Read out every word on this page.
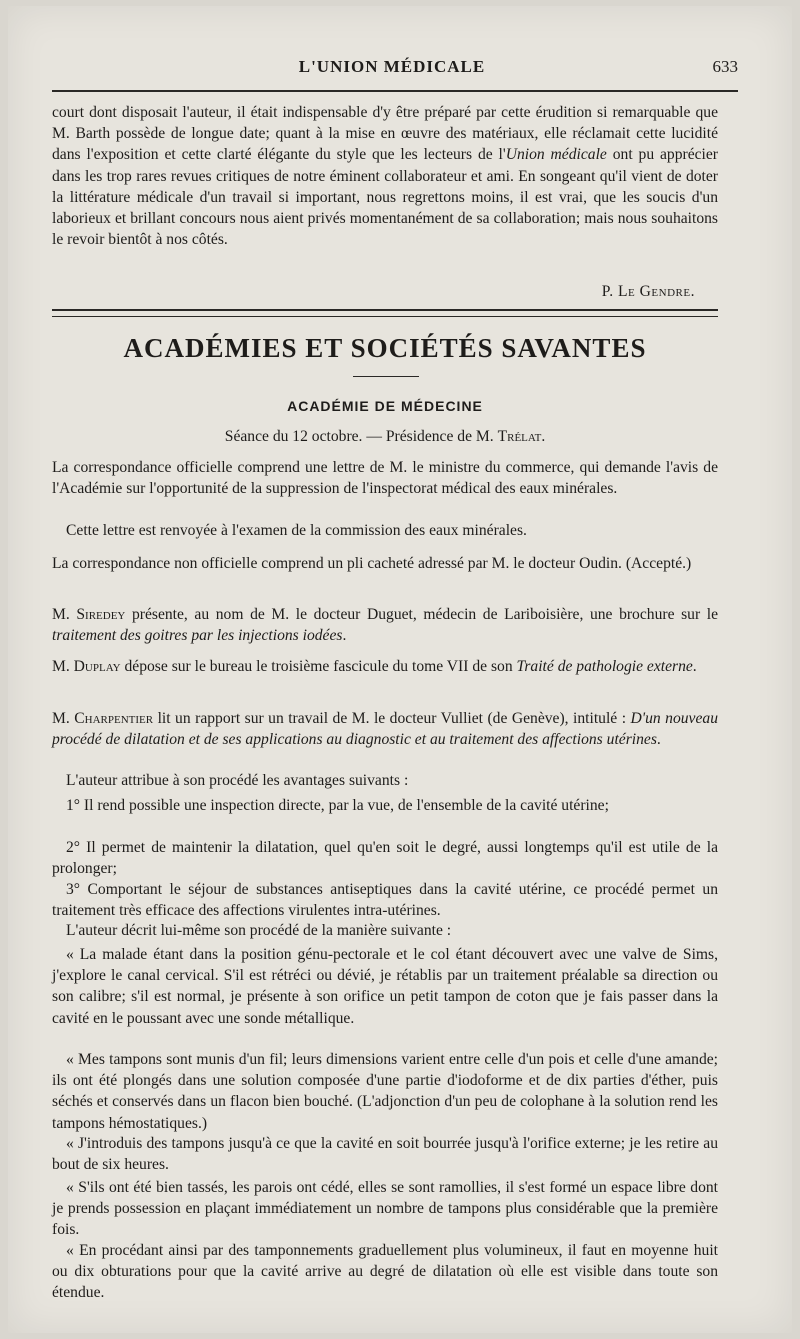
L'UNION MÉDICALE	633

court dont disposait l'auteur, il était indispensable d'y être préparé par cette érudition si remarquable que M. Barth possède de longue date; quant à la mise en œuvre des matériaux, elle réclamait cette lucidité dans l'exposition et cette clarté élégante du style que les lecteurs de l'Union médicale ont pu apprécier dans les trop rares revues critiques de notre éminent collaborateur et ami. En songeant qu'il vient de doter la littérature médicale d'un travail si important, nous regrettons moins, il est vrai, que les soucis d'un laborieux et brillant concours nous aient privés momentanément de sa collaboration; mais nous souhaitons le revoir bientôt à nos côtés.

P. Le Gendre.
ACADÉMIES ET SOCIÉTÉS SAVANTES
ACADÉMIE DE MÉDECINE
Séance du 12 octobre. — Présidence de M. Trélat.

La correspondance officielle comprend une lettre de M. le ministre du commerce, qui demande l'avis de l'Académie sur l'opportunité de la suppression de l'inspectorat médical des eaux minérales.

Cette lettre est renvoyée à l'examen de la commission des eaux minérales.

La correspondance non officielle comprend un pli cacheté adressé par M. le docteur Oudin. (Accepté.)

M. Siredey présente, au nom de M. le docteur Duguet, médecin de Lariboisière, une brochure sur le traitement des goitres par les injections iodées.

M. Duplay dépose sur le bureau le troisième fascicule du tome VII de son Traité de pathologie externe.

M. Charpentier lit un rapport sur un travail de M. le docteur Vulliet (de Genève), intitulé : D'un nouveau procédé de dilatation et de ses applications au diagnostic et au traitement des affections utérines.

L'auteur attribue à son procédé les avantages suivants :

1° Il rend possible une inspection directe, par la vue, de l'ensemble de la cavité utérine;

2° Il permet de maintenir la dilatation, quel qu'en soit le degré, aussi longtemps qu'il est utile de la prolonger;

3° Comportant le séjour de substances antiseptiques dans la cavité utérine, ce procédé permet un traitement très efficace des affections virulentes intra-utérines.

L'auteur décrit lui-même son procédé de la manière suivante :

« La malade étant dans la position génu-pectorale et le col étant découvert avec une valve de Sims, j'explore le canal cervical. S'il est rétréci ou dévié, je rétablis par un traitement préalable sa direction ou son calibre; s'il est normal, je présente à son orifice un petit tampon de coton que je fais passer dans la cavité en le poussant avec une sonde métallique.

« Mes tampons sont munis d'un fil; leurs dimensions varient entre celle d'un pois et celle d'une amande; ils ont été plongés dans une solution composée d'une partie d'iodoforme et de dix parties d'éther, puis séchés et conservés dans un flacon bien bouché. (L'adjonction d'un peu de colophane à la solution rend les tampons hémostatiques.)

« J'introduis des tampons jusqu'à ce que la cavité en soit bourrée jusqu'à l'orifice externe; je les retire au bout de six heures.

« S'ils ont été bien tassés, les parois ont cédé, elles se sont ramollies, il s'est formé un espace libre dont je prends possession en plaçant immédiatement un nombre de tampons plus considérable que la première fois.

« En procédant ainsi par des tamponnements graduellement plus volumineux, il faut en moyenne huit ou dix obturations pour que la cavité arrive au degré de dilatation où elle est visible dans toute son étendue.
